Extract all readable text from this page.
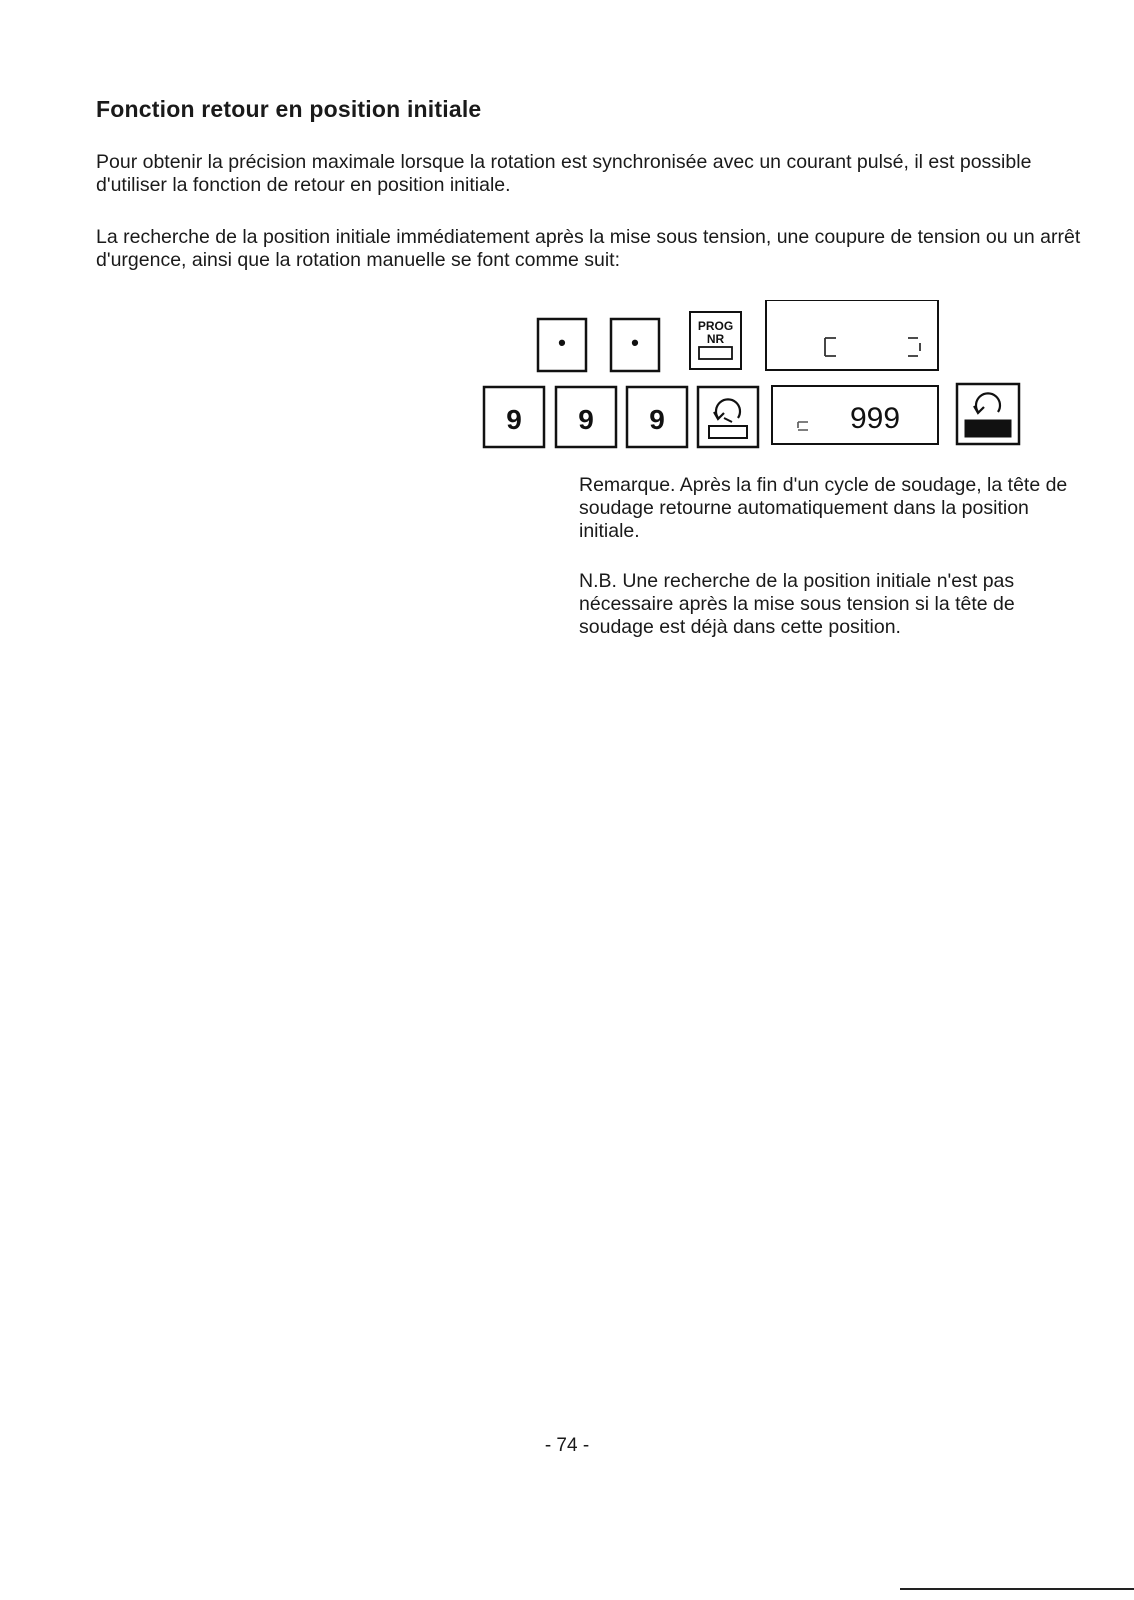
Fonction retour en position initiale

Pour obtenir la précision maximale lorsque la rotation est synchronisée avec un courant pulsé, il est possible d'utiliser la fonction de retour en position initiale.

La recherche de la position initiale immédiatement après la mise sous tension, une coupure de tension ou un arrêt d'urgence, ainsi que la rotation manuelle se font comme suit:

•	•
PROG
NR
9 9 9	999

Remarque. Après la fin d'un cycle de soudage, la tête de soudage retourne automatiquement dans la position initiale.

N.B. Une recherche de la position initiale n'est pas nécessaire après la mise sous tension si la tête de soudage est déjà dans cette position.

- 74 -
